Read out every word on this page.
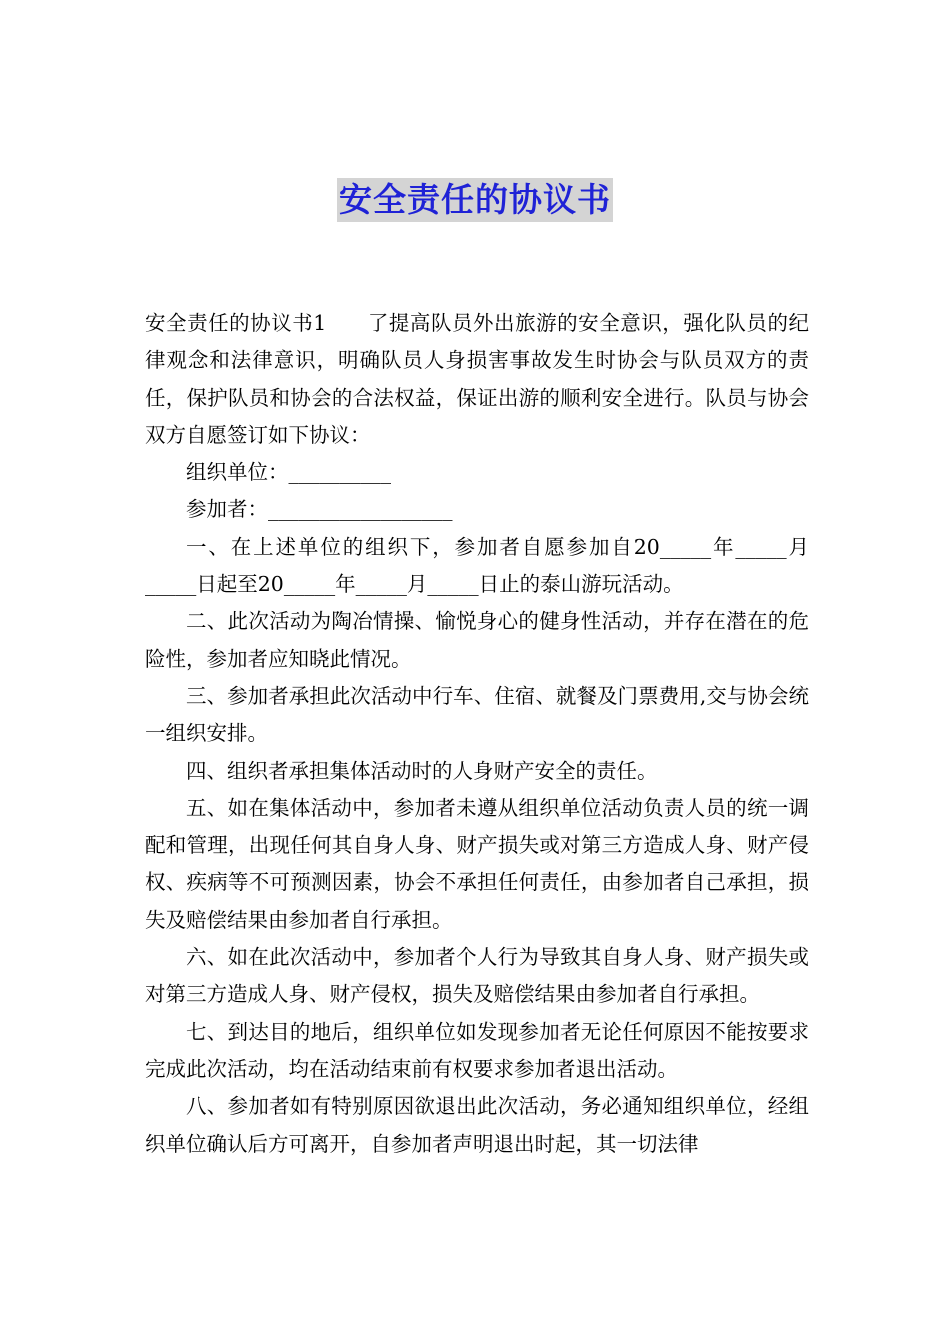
安全责任的协议书

安全责任的协议书1 了提高队员外出旅游的安全意识，强化队员的纪律观念和法律意识，明确队员人身损害事故发生时协会与队员双方的责任，保护队员和协会的合法权益，保证出游的顺利安全进行。队员与协会双方自愿签订如下协议：

组织单位：__________

参加者：__________________

一、在上述单位的组织下，参加者自愿参加自20_____年_____月_____日起至20_____年_____月_____日止的泰山游玩活动。

二、此次活动为陶冶情操、愉悦身心的健身性活动，并存在潜在的危险性，参加者应知晓此情况。

三、参加者承担此次活动中行车、住宿、就餐及门票费用,交与协会统一组织安排。

四、组织者承担集体活动时的人身财产安全的责任。

五、如在集体活动中，参加者未遵从组织单位活动负责人员的统一调配和管理，出现任何其自身人身、财产损失或对第三方造成人身、财产侵权、疾病等不可预测因素，协会不承担任何责任，由参加者自己承担，损失及赔偿结果由参加者自行承担。

六、如在此次活动中，参加者个人行为导致其自身人身、财产损失或对第三方造成人身、财产侵权，损失及赔偿结果由参加者自行承担。

七、到达目的地后，组织单位如发现参加者无论任何原因不能按要求完成此次活动，均在活动结束前有权要求参加者退出活动。

八、参加者如有特别原因欲退出此次活动，务必通知组织单位，经组织单位确认后方可离开，自参加者声明退出时起，其一切法律
